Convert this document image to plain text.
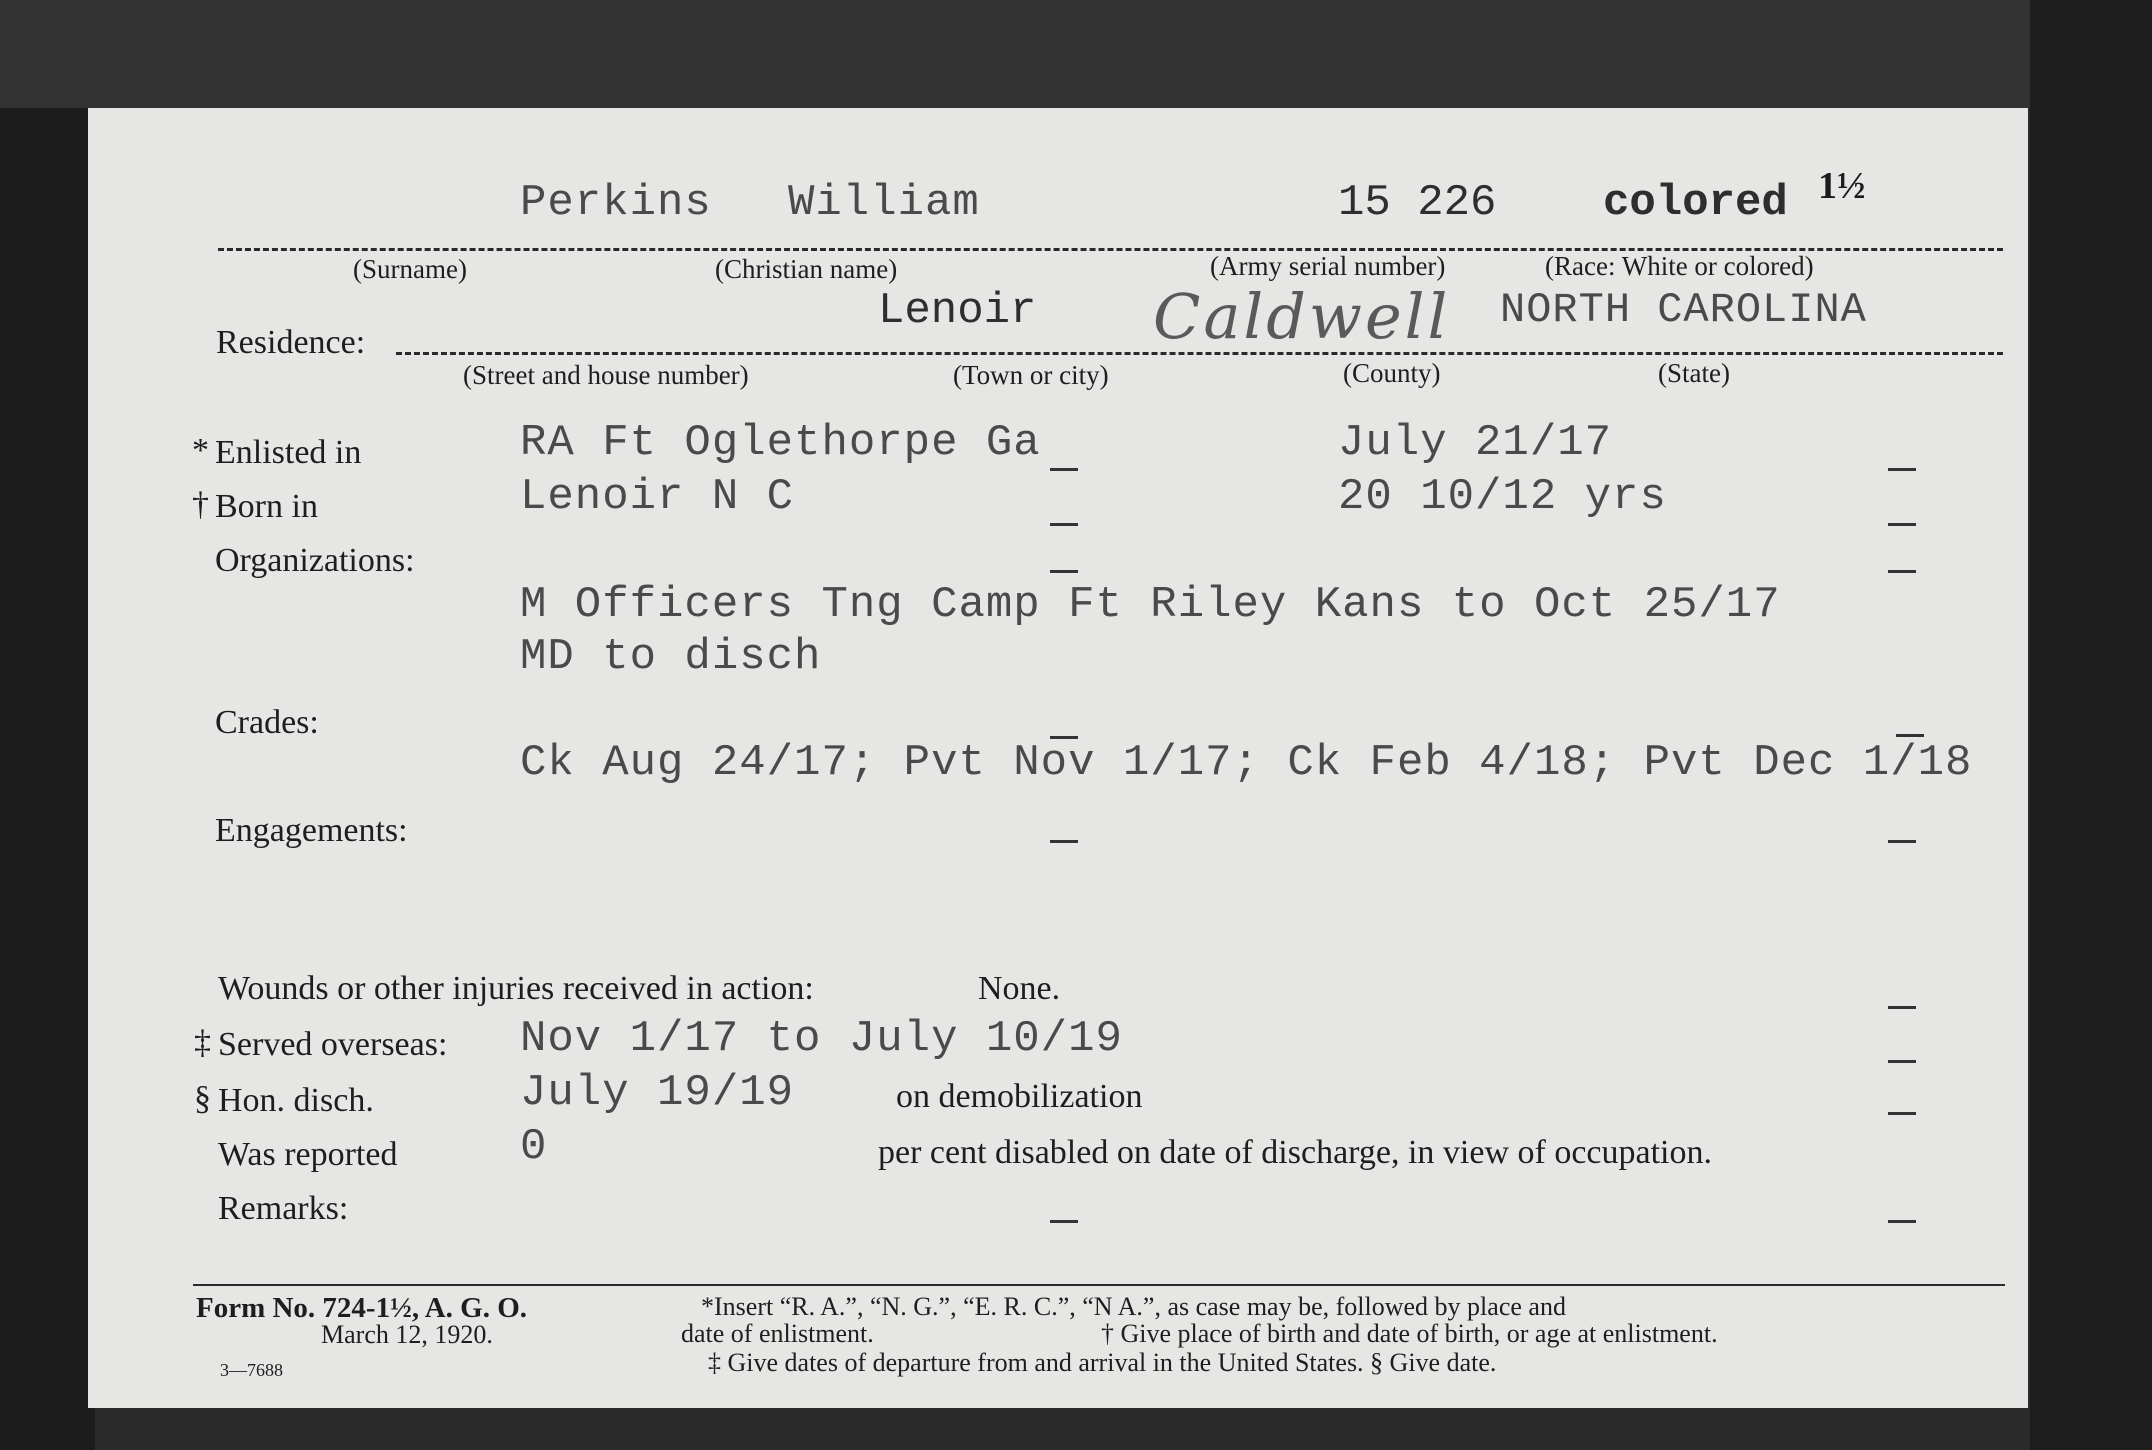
Perkins William	15 226 colored 1½
(Surname)	(Christian name)	(Army serial number)	(Race: White or colored)
Lenoir Caldwell NORTH CAROLINA
Residence:
(Street and house number)	(Town or city)	(County)	(State)
* Enlisted in	RA Ft Oglethorpe Ga	July 21/17
† Born in	Lenoir N C	20 10/12 yrs
Organizations:
M Officers Tng Camp Ft Riley Kans to Oct 25/17
MD to disch
Crades:
Ck Aug 24/17; Pvt Nov 1/17; Ck Feb 4/18; Pvt Dec 1/18
Engagements:
Wounds or other injuries received in action:	None.
‡ Served overseas: Nov 1/17 to July 10/19
§ Hon. disch.	July 19/19	on demobilization
Was reported	0	per cent disabled on date of discharge, in view of occupation.
Remarks:
Form No. 724-1½, A. G. O.
March 12, 1920.
3—7688
*Insert “R. A.”, “N. G.”, “E. R. C.”, “N A.”, as case may be, followed by place and
date of enlistment.	† Give place of birth and date of birth, or age at enlistment.
‡ Give dates of departure from and arrival in the United States. § Give date.
